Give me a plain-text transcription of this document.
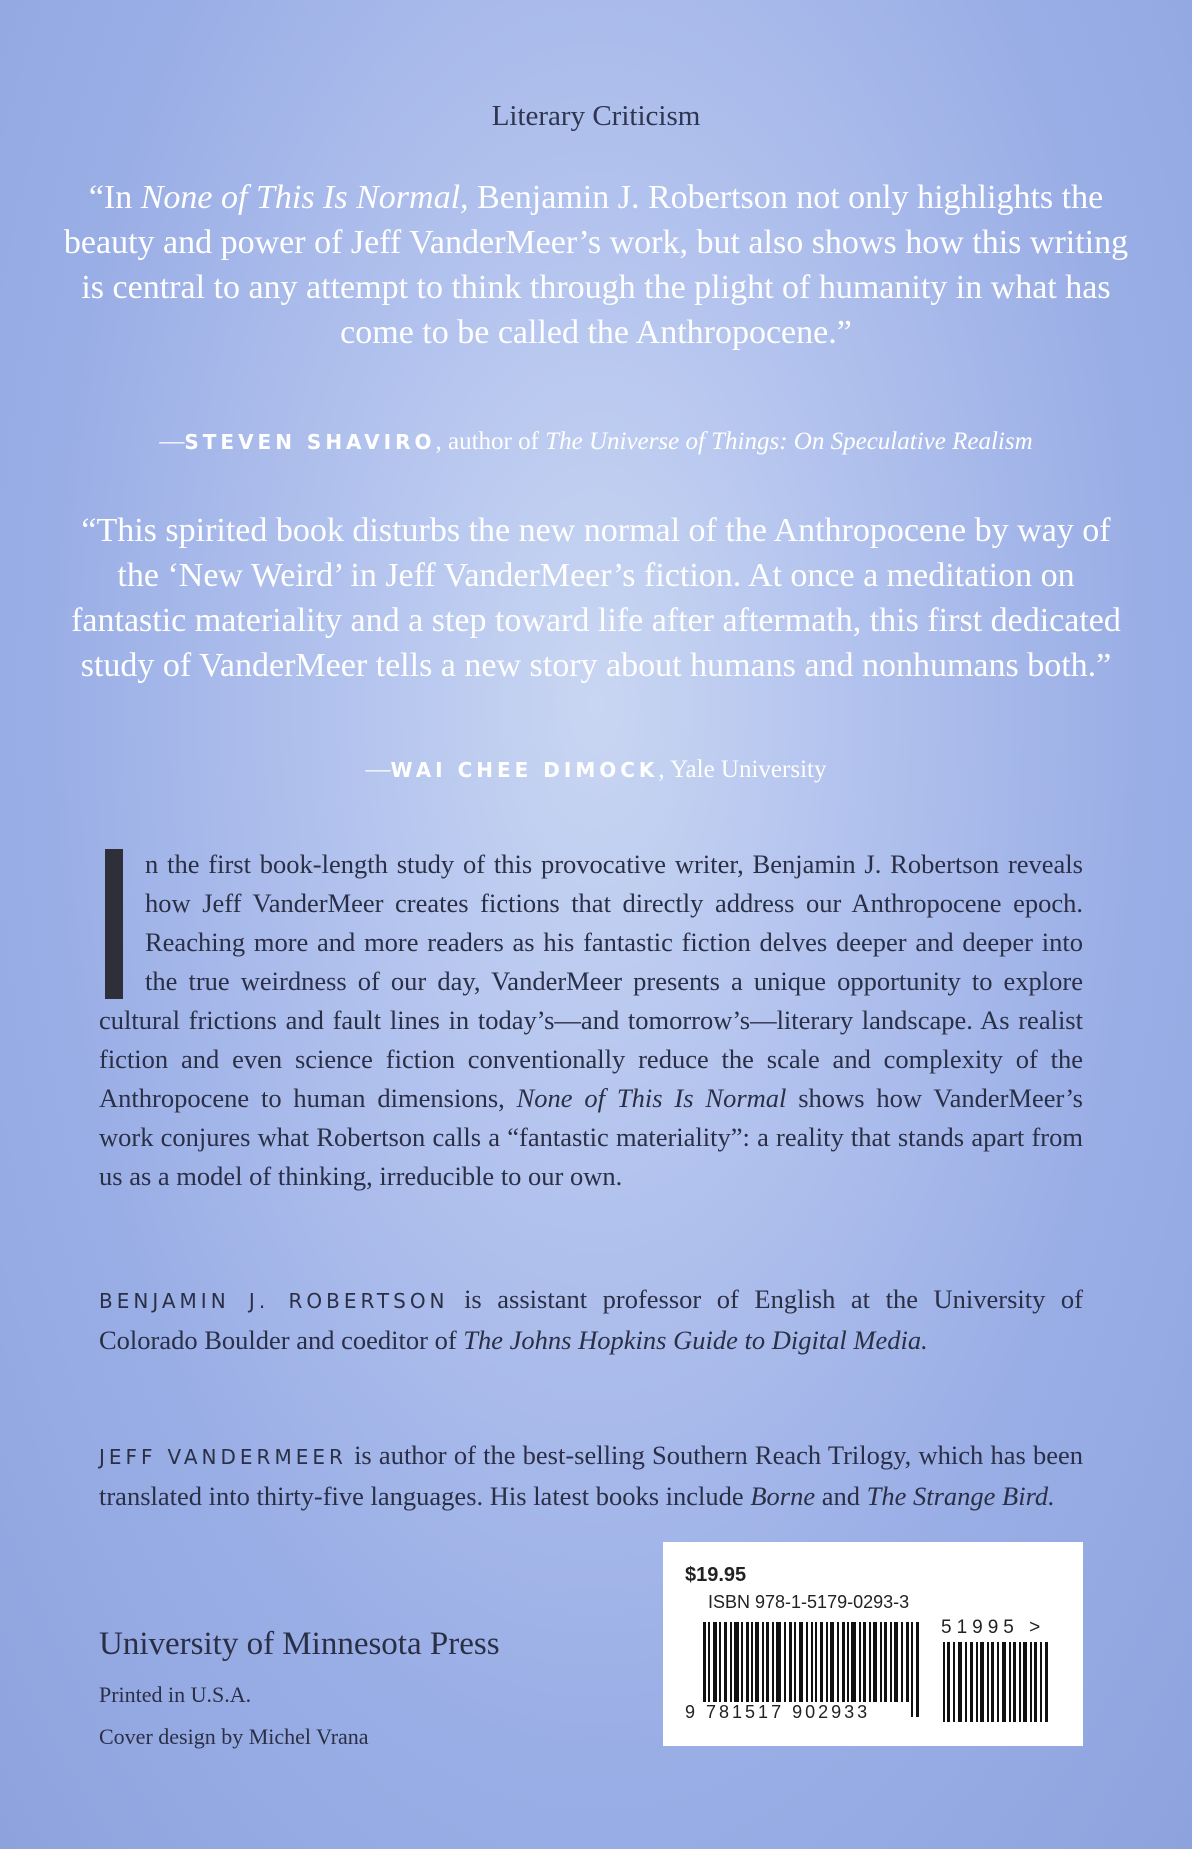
Literary Criticism
“In None of This Is Normal, Benjamin J. Robertson not only highlights the beauty and power of Jeff VanderMeer’s work, but also shows how this writing is central to any attempt to think through the plight of humanity in what has come to be called the Anthropocene.”
—STEVEN SHAVIRO, author of The Universe of Things: On Speculative Realism
“This spirited book disturbs the new normal of the Anthropocene by way of the ‘New Weird’ in Jeff VanderMeer’s fiction. At once a meditation on fantastic materiality and a step toward life after aftermath, this first dedicated study of VanderMeer tells a new story about humans and nonhumans both.”
—WAI CHEE DIMOCK, Yale University
n the first book-length study of this provocative writer, Benjamin J. Robertson reveals how Jeff VanderMeer creates fictions that directly address our Anthropocene epoch. Reaching more and more readers as his fantastic fiction delves deeper and deeper into the true weirdness of our day, VanderMeer presents a unique opportunity to explore cultural frictions and fault lines in today’s—and tomorrow’s—literary landscape. As realist fiction and even science fiction conventionally reduce the scale and complexity of the Anthropocene to human dimensions, None of This Is Normal shows how VanderMeer’s work conjures what Robertson calls a “fantastic materiality”: a reality that stands apart from us as a model of thinking, irreducible to our own.
BENJAMIN J. ROBERTSON is assistant professor of English at the University of Colorado Boulder and coeditor of The Johns Hopkins Guide to Digital Media.
JEFF VANDERMEER is author of the best-selling Southern Reach Trilogy, which has been translated into thirty-five languages. His latest books include Borne and The Strange Bird.
University of Minnesota Press
Printed in U.S.A.
Cover design by Michel Vrana
$19.95
ISBN 978-1-5179-0293-3
51995 >
9 781517 902933
